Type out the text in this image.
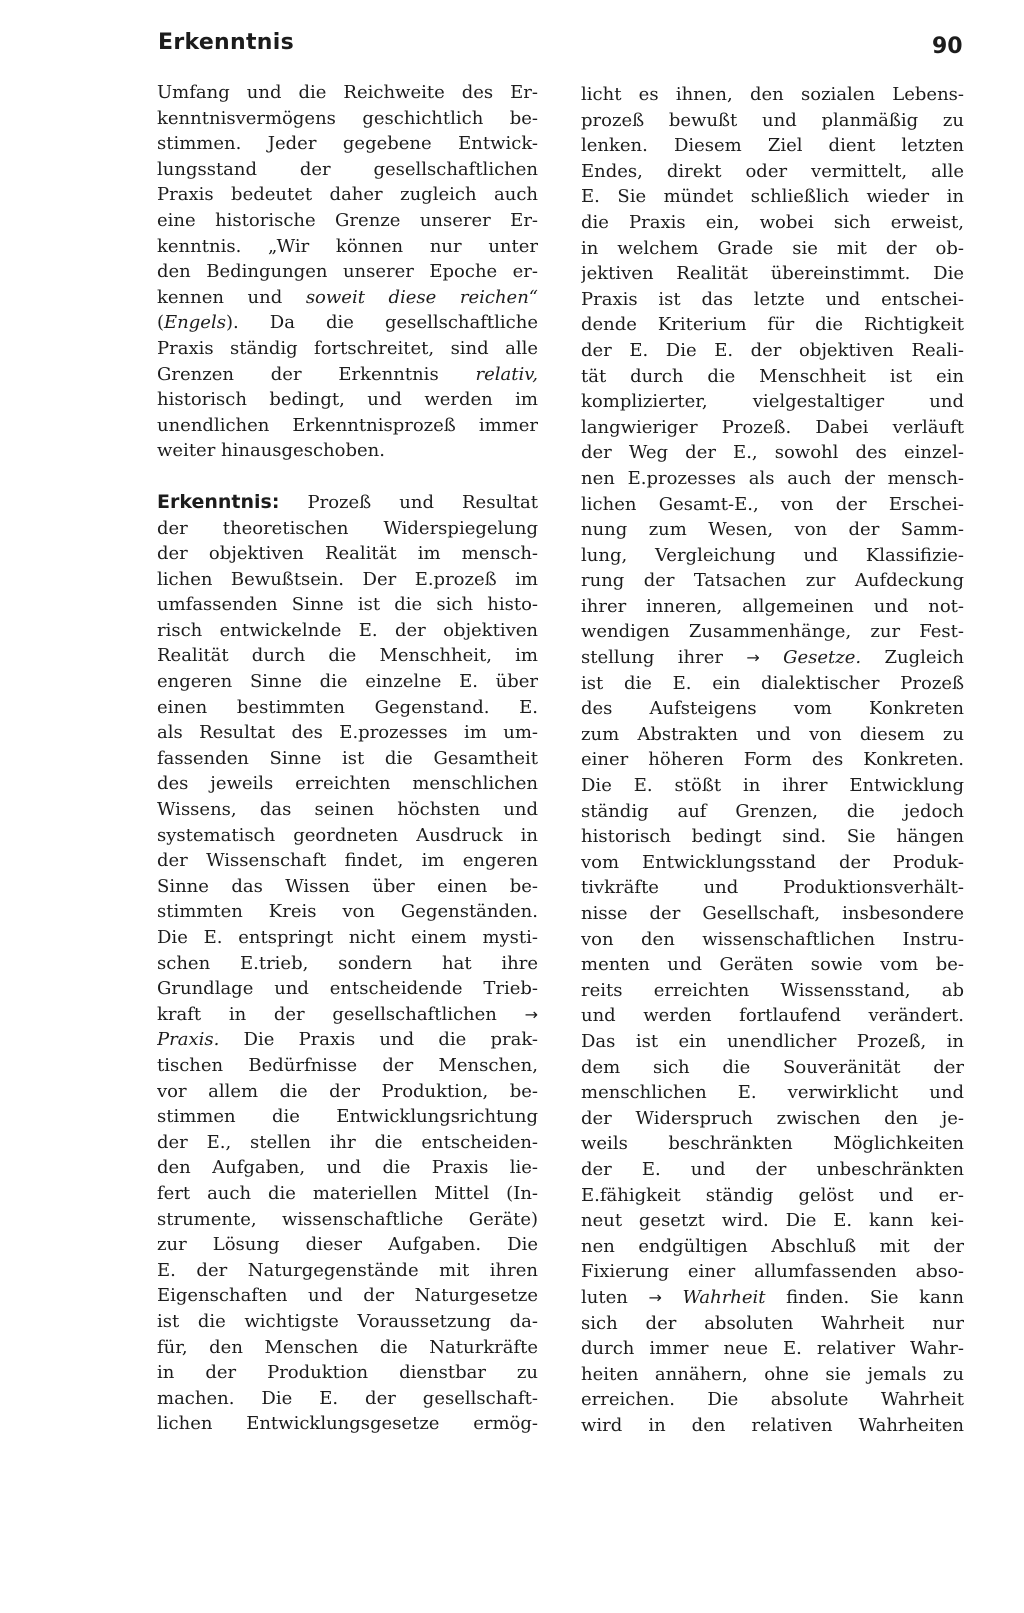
Erkenntnis	90
Umfang und die Reichweite des Er-
kenntnisvermögens geschichtlich be-
stimmen. Jeder gegebene Entwick-
lungsstand der gesellschaftlichen
Praxis bedeutet daher zugleich auch
eine historische Grenze unserer Er-
kenntnis. „Wir können nur unter
den Bedingungen unserer Epoche er-
kennen und soweit diese reichen“
(Engels). Da die gesellschaftliche
Praxis ständig fortschreitet, sind alle
Grenzen der Erkenntnis relativ,
historisch bedingt, und werden im
unendlichen Erkenntnisprozeß immer
weiter hinausgeschoben.
Erkenntnis: Prozeß und Resultat
der theoretischen Widerspiegelung
der objektiven Realität im mensch-
lichen Bewußtsein. Der E.prozeß im
umfassenden Sinne ist die sich histo-
risch entwickelnde E. der objektiven
Realität durch die Menschheit, im
engeren Sinne die einzelne E. über
einen bestimmten Gegenstand. E.
als Resultat des E.prozesses im um-
fassenden Sinne ist die Gesamtheit
des jeweils erreichten menschlichen
Wissens, das seinen höchsten und
systematisch geordneten Ausdruck in
der Wissenschaft findet, im engeren
Sinne das Wissen über einen be-
stimmten Kreis von Gegenständen.
Die E. entspringt nicht einem mysti-
schen E.trieb, sondern hat ihre
Grundlage und entscheidende Trieb-
kraft in der gesellschaftlichen →
Praxis. Die Praxis und die prak-
tischen Bedürfnisse der Menschen,
vor allem die der Produktion, be-
stimmen die Entwicklungsrichtung
der E., stellen ihr die entscheiden-
den Aufgaben, und die Praxis lie-
fert auch die materiellen Mittel (In-
strumente, wissenschaftliche Geräte)
zur Lösung dieser Aufgaben. Die
E. der Naturgegenstände mit ihren
Eigenschaften und der Naturgesetze
ist die wichtigste Voraussetzung da-
für, den Menschen die Naturkräfte
in der Produktion dienstbar zu
machen. Die E. der gesellschaft-
lichen Entwicklungsgesetze ermög-
licht es ihnen, den sozialen Lebens-
prozeß bewußt und planmäßig zu
lenken. Diesem Ziel dient letzten
Endes, direkt oder vermittelt, alle
E. Sie mündet schließlich wieder in
die Praxis ein, wobei sich erweist,
in welchem Grade sie mit der ob-
jektiven Realität übereinstimmt. Die
Praxis ist das letzte und entschei-
dende Kriterium für die Richtigkeit
der E. Die E. der objektiven Reali-
tät durch die Menschheit ist ein
komplizierter, vielgestaltiger und
langwieriger Prozeß. Dabei verläuft
der Weg der E., sowohl des einzel-
nen E.prozesses als auch der mensch-
lichen Gesamt-E., von der Erschei-
nung zum Wesen, von der Samm-
lung, Vergleichung und Klassifizie-
rung der Tatsachen zur Aufdeckung
ihrer inneren, allgemeinen und not-
wendigen Zusammenhänge, zur Fest-
stellung ihrer → Gesetze. Zugleich
ist die E. ein dialektischer Prozeß
des Aufsteigens vom Konkreten
zum Abstrakten und von diesem zu
einer höheren Form des Konkreten.
Die E. stößt in ihrer Entwicklung
ständig auf Grenzen, die jedoch
historisch bedingt sind. Sie hängen
vom Entwicklungsstand der Produk-
tivkräfte und Produktionsverhält-
nisse der Gesellschaft, insbesondere
von den wissenschaftlichen Instru-
menten und Geräten sowie vom be-
reits erreichten Wissensstand, ab
und werden fortlaufend verändert.
Das ist ein unendlicher Prozeß, in
dem sich die Souveränität der
menschlichen E. verwirklicht und
der Widerspruch zwischen den je-
weils beschränkten Möglichkeiten
der E. und der unbeschränkten
E.fähigkeit ständig gelöst und er-
neut gesetzt wird. Die E. kann kei-
nen endgültigen Abschluß mit der
Fixierung einer allumfassenden abso-
luten → Wahrheit finden. Sie kann
sich der absoluten Wahrheit nur
durch immer neue E. relativer Wahr-
heiten annähern, ohne sie jemals zu
erreichen. Die absolute Wahrheit
wird in den relativen Wahrheiten
